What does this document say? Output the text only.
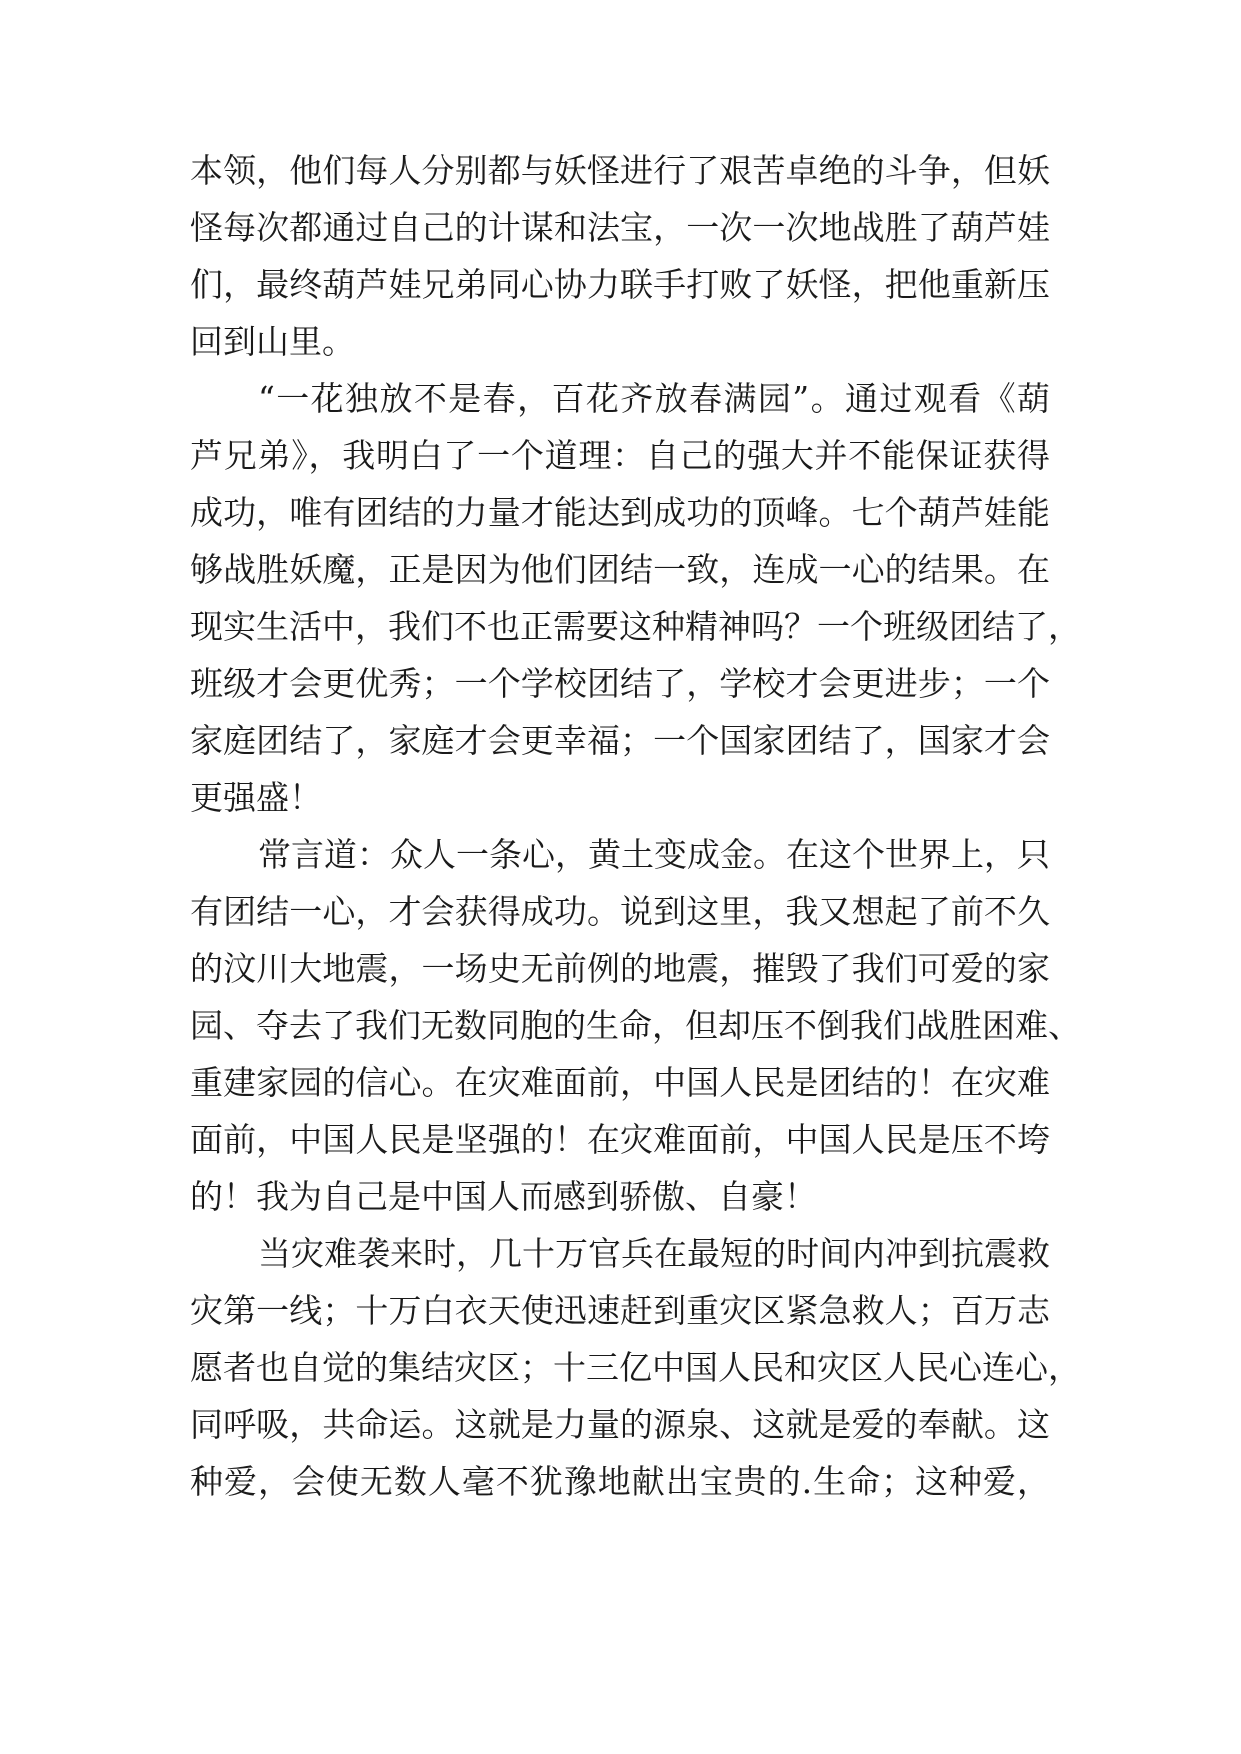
本领，他们每人分别都与妖怪进行了艰苦卓绝的斗争，但妖
怪每次都通过自己的计谋和法宝，一次一次地战胜了葫芦娃
们，最终葫芦娃兄弟同心协力联手打败了妖怪，把他重新压
回到山里。
“一花独放不是春，百花齐放春满园”。通过观看《葫
芦兄弟》，我明白了一个道理：自己的强大并不能保证获得
成功，唯有团结的力量才能达到成功的顶峰。七个葫芦娃能
够战胜妖魔，正是因为他们团结一致，连成一心的结果。在
现实生活中，我们不也正需要这种精神吗？一个班级团结了，
班级才会更优秀；一个学校团结了，学校才会更进步；一个
家庭团结了，家庭才会更幸福；一个国家团结了，国家才会
更强盛！
常言道：众人一条心，黄土变成金。在这个世界上，只
有团结一心，才会获得成功。说到这里，我又想起了前不久
的汶川大地震，一场史无前例的地震，摧毁了我们可爱的家
园、夺去了我们无数同胞的生命，但却压不倒我们战胜困难、
重建家园的信心。在灾难面前，中国人民是团结的！在灾难
面前，中国人民是坚强的！在灾难面前，中国人民是压不垮
的！我为自己是中国人而感到骄傲、自豪！
当灾难袭来时，几十万官兵在最短的时间内冲到抗震救
灾第一线；十万白衣天使迅速赶到重灾区紧急救人；百万志
愿者也自觉的集结灾区；十三亿中国人民和灾区人民心连心，
同呼吸，共命运。这就是力量的源泉、这就是爱的奉献。这
种爱，会使无数人毫不犹豫地献出宝贵的.生命；这种爱，
